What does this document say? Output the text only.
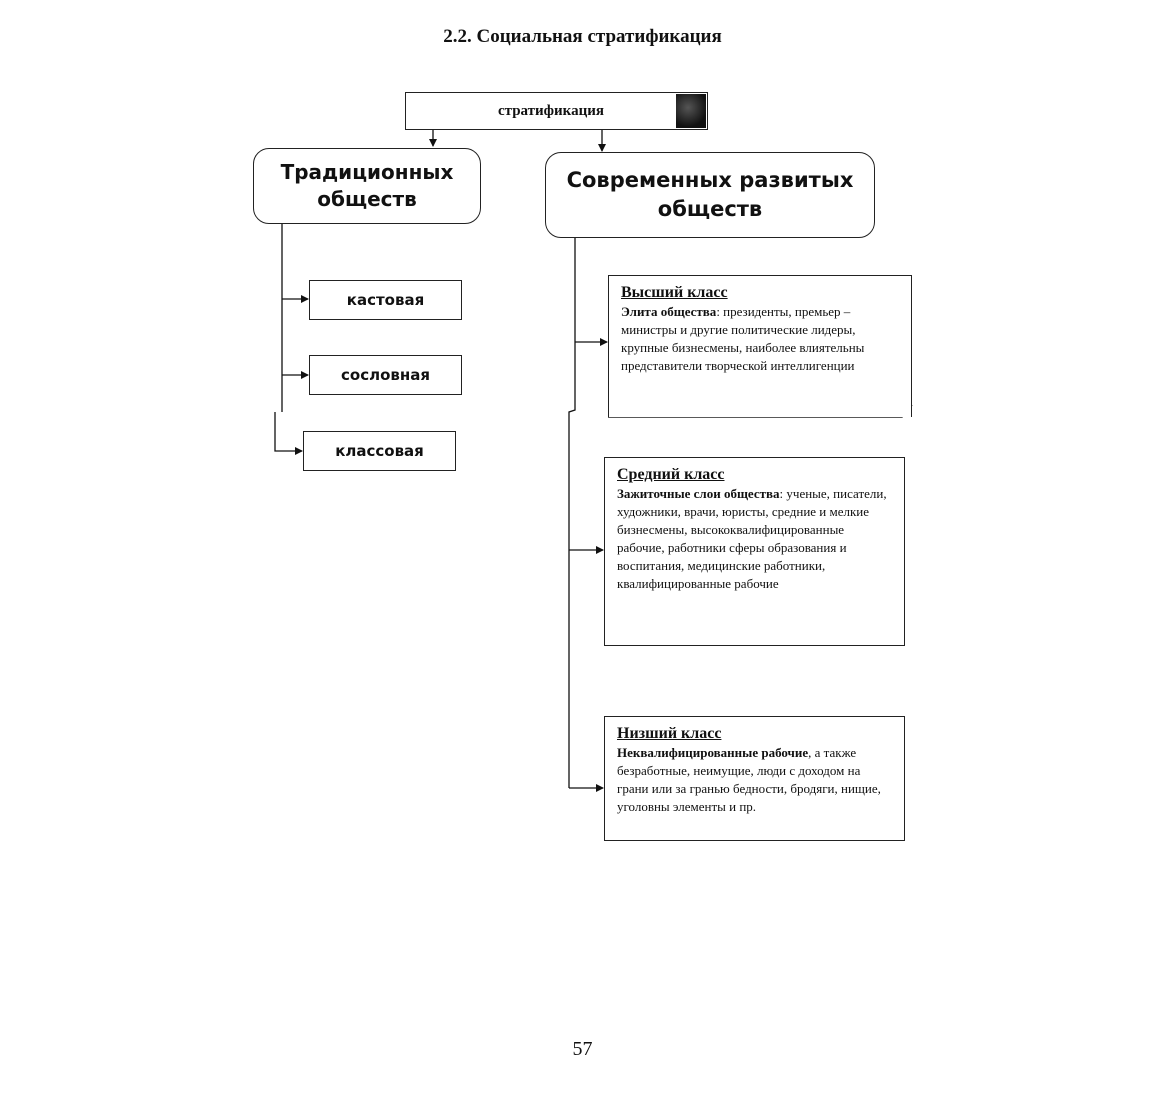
2.2. Социальная стратификация
стратификация
Традиционных обществ
Современных развитых обществ
кастовая
сословная
классовая
Высший класс
Элита общества: президенты, премьер – министры и другие политические лидеры, крупные бизнесмены, наиболее влиятельны представители творческой интеллигенции
Средний класс
Зажиточные слои общества: ученые, писатели, художники, врачи, юристы, средние и мелкие бизнесмены, высококвалифицированные рабочие, работники сферы образования и воспитания, медицинские работники, квалифицированные рабочие
Низший класс
Неквалифицированные рабочие, а также безработные, неимущие, люди с доходом на грани или за гранью бедности, бродяги, нищие, уголовны элементы и пр.
57
